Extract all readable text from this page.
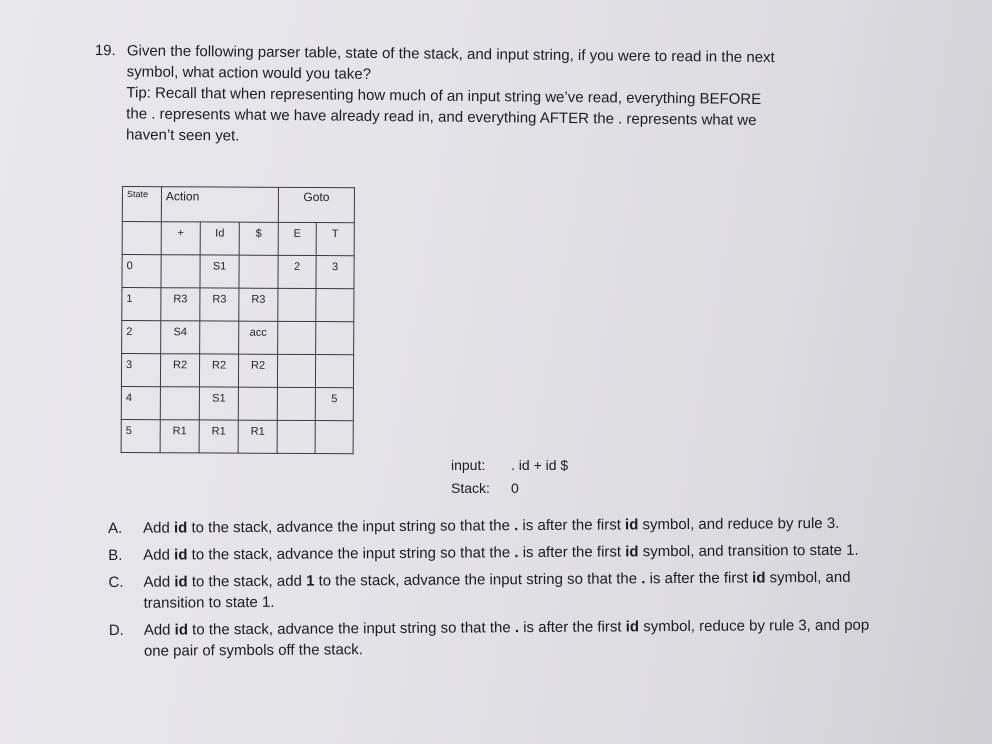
19. Given the following parser table, state of the stack, and input string, if you were to read in the next
symbol, what action would you take?
Tip: Recall that when representing how much of an input string we’ve read, everything BEFORE
the . represents what we have already read in, and everything AFTER the . represents what we
haven’t seen yet.
State	Action			Goto	

	+	Id	$	E	T

0		S1		2	3

1	R3	R3	R3		

2	S4		acc		

3	R2	R2	R2		

4		S1			5

5	R1	R1	R1		

input: . id + id $
Stack: 0
A. Add id to the stack, advance the input string so that the . is after the first id symbol, and reduce by rule 3.
B. Add id to the stack, advance the input string so that the . is after the first id symbol, and transition to state 1.
C. Add id to the stack, add 1 to the stack, advance the input string so that the . is after the first id symbol, and transition to state 1.
D. Add id to the stack, advance the input string so that the . is after the first id symbol, reduce by rule 3, and pop one pair of symbols off the stack.
